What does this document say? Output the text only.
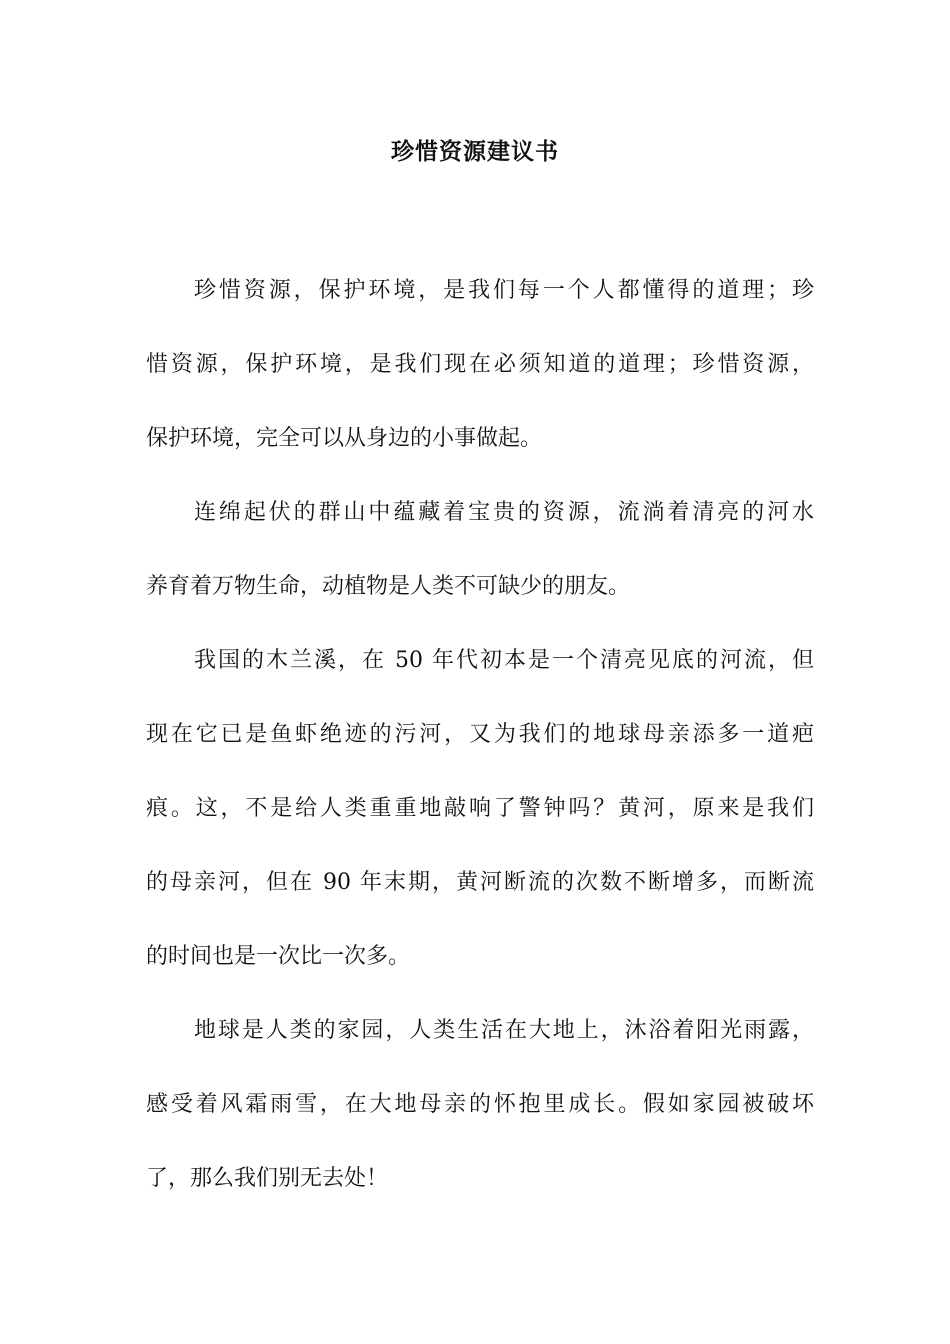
珍惜资源建议书
珍惜资源，保护环境，是我们每一个人都懂得的道理；珍
惜资源，保护环境，是我们现在必须知道的道理；珍惜资源，
保护环境，完全可以从身边的小事做起。
连绵起伏的群山中蕴藏着宝贵的资源，流淌着清亮的河水
养育着万物生命，动植物是人类不可缺少的朋友。
我国的木兰溪，在 50 年代初本是一个清亮见底的河流，但
现在它已是鱼虾绝迹的污河，又为我们的地球母亲添多一道疤
痕。这，不是给人类重重地敲响了警钟吗？黄河，原来是我们
的母亲河，但在 90 年末期，黄河断流的次数不断增多，而断流
的时间也是一次比一次多。
地球是人类的家园，人类生活在大地上，沐浴着阳光雨露，
感受着风霜雨雪，在大地母亲的怀抱里成长。假如家园被破坏
了，那么我们别无去处！
